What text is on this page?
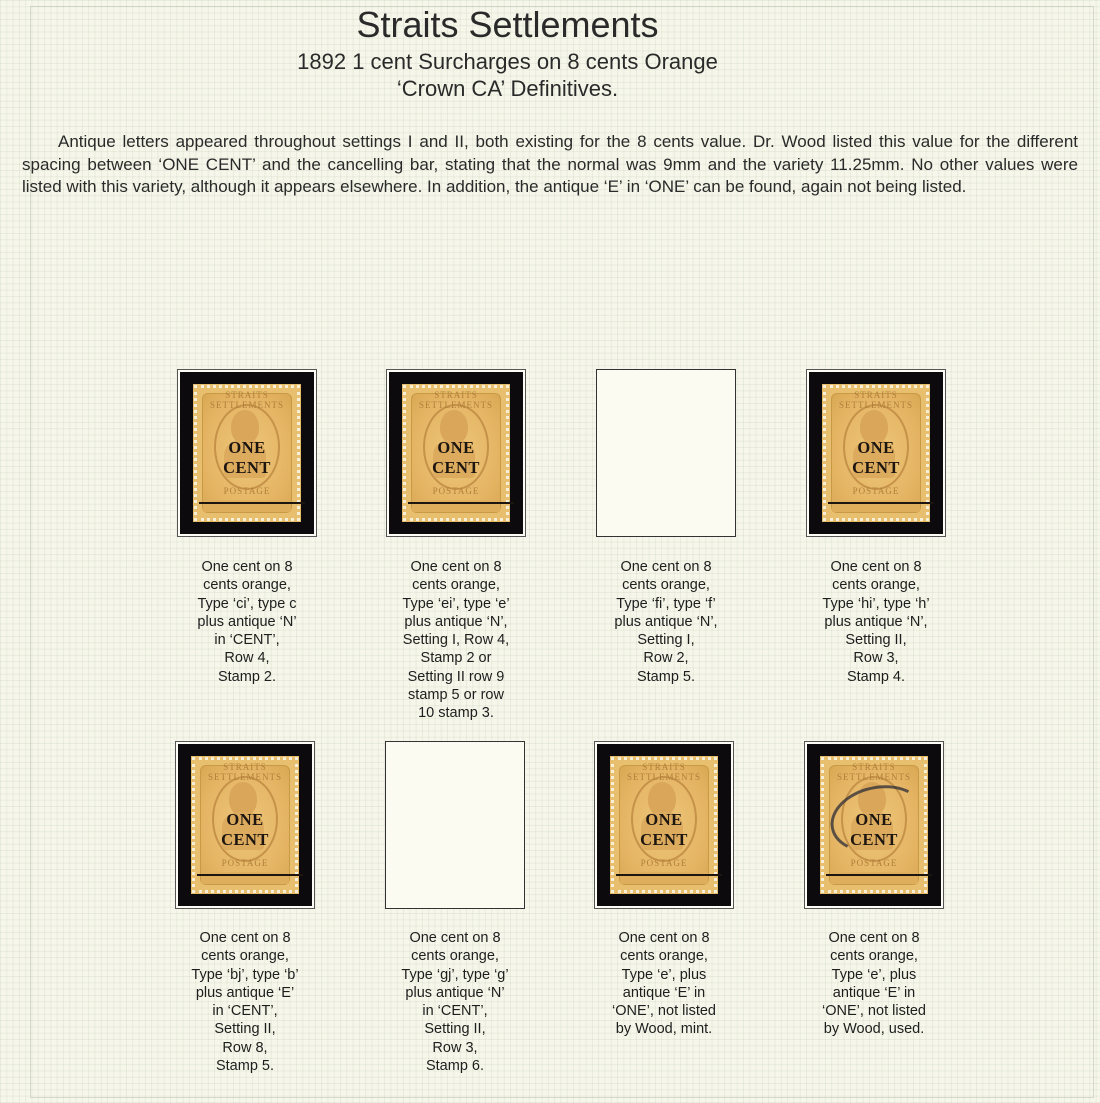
Straits Settlements
1892 1 cent Surcharges on 8 cents Orange
‘Crown CA’ Definitives.

Antique letters appeared throughout settings I and II, both existing for the 8 cents value. Dr. Wood listed this value for the different spacing between ‘ONE CENT’ and the cancelling bar, stating that the normal was 9mm and the variety 11.25mm. No other values were listed with this variety, although it appears elsewhere. In addition, the antique ‘E’ in ‘ONE’ can be found, again not being listed.

STRAITS SETTLEMENTS
POSTAGE
ONE
CENT
One cent on 8
cents orange,
Type ‘ci’, type c
plus antique ‘N’
in ‘CENT’,
Row 4,
Stamp 2.
STRAITS SETTLEMENTS
POSTAGE
ONE
CENT
One cent on 8
cents orange,
Type ‘ei’, type ‘e’
plus antique ‘N’,
Setting I, Row 4,
Stamp 2 or
Setting II row 9
stamp 5 or row
10 stamp 3.
One cent on 8
cents orange,
Type ‘fi’, type ‘f’
plus antique ‘N’,
Setting I,
Row 2,
Stamp 5.
STRAITS SETTLEMENTS
POSTAGE
ONE
CENT
One cent on 8
cents orange,
Type ‘hi’, type ‘h’
plus antique ‘N’,
Setting II,
Row 3,
Stamp 4.
STRAITS SETTLEMENTS
POSTAGE
ONE
CENT
One cent on 8
cents orange,
Type ‘bj’, type ‘b’
plus antique ‘E’
in ‘CENT’,
Setting II,
Row 8,
Stamp 5.
One cent on 8
cents orange,
Type ‘gj’, type ‘g’
plus antique ‘N’
in ‘CENT’,
Setting II,
Row 3,
Stamp 6.
STRAITS SETTLEMENTS
POSTAGE
ONE
CENT
One cent on 8
cents orange,
Type ‘e’, plus
antique ‘E’ in
‘ONE’, not listed
by Wood, mint.
STRAITS SETTLEMENTS
POSTAGE
ONE
CENT
One cent on 8
cents orange,
Type ‘e’, plus
antique ‘E’ in
‘ONE’, not listed
by Wood, used.
